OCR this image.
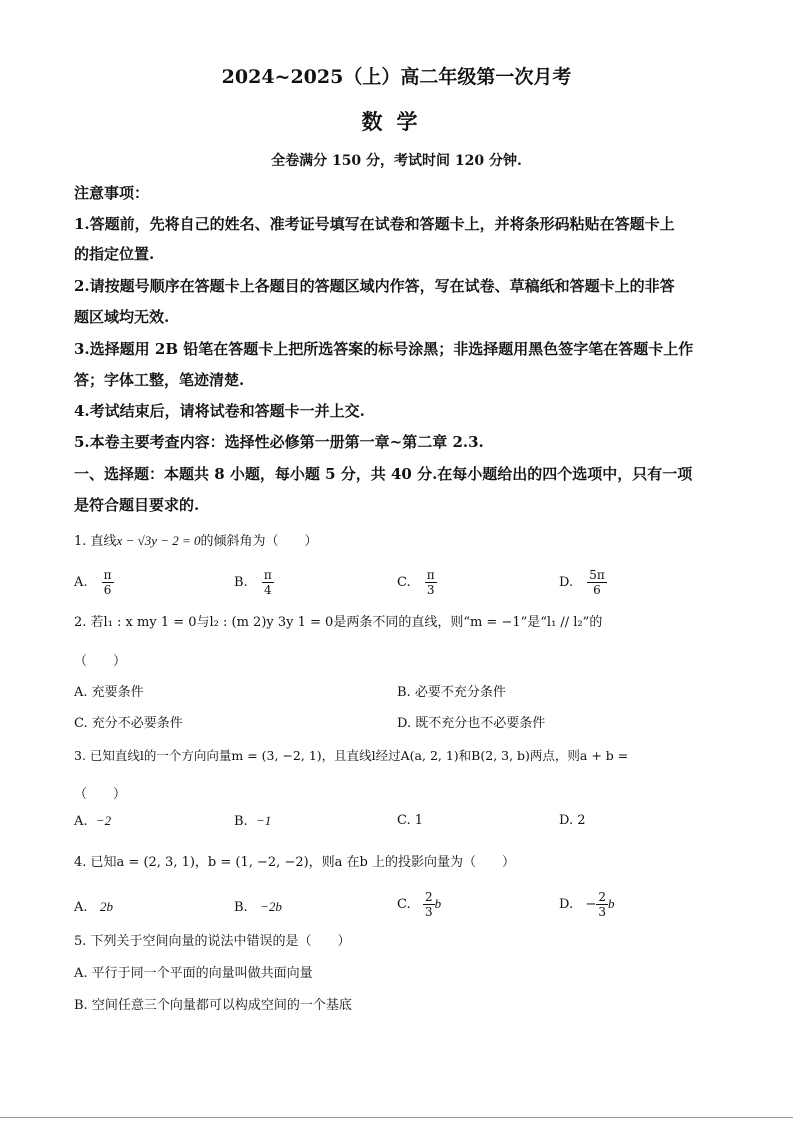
2024~2025（上）高二年级第一次月考
数学
全卷满分 150 分，考试时间 120 分钟.
注意事项：
1.答题前，先将自己的姓名、准考证号填写在试卷和答题卡上，并将条形码粘贴在答题卡上
的指定位置.
2.请按题号顺序在答题卡上各题目的答题区域内作答，写在试卷、草稿纸和答题卡上的非答
题区域均无效.
3.选择题用 2B 铅笔在答题卡上把所选答案的标号涂黑；非选择题用黑色签字笔在答题卡上作
答；字体工整，笔迹清楚.
4.考试结束后，请将试卷和答题卡一并上交.
5.本卷主要考查内容：选择性必修第一册第一章~第二章 2.3.
一、选择题：本题共 8 小题，每小题 5 分，共 40 分.在每小题给出的四个选项中，只有一项
是符合题目要求的.
1. 直线x − √3y − 2 = 0的倾斜角为（　　）
A. $\frac{\pi}{6}$	B. $\frac{\pi}{4}$	C. $\frac{\pi}{3}$	D. $\frac{5\pi}{6}$
2. 若l₁ : x my 1 = 0与l₂ : (m 2)y 3y 1 = 0是两条不同的直线，则“m = −1”是“l₁ // l₂”的
（　　）
A. 充要条件	B. 必要不充分条件
C. 充分不必要条件	D. 既不充分也不必要条件
3. 已知直线l的一个方向向量m = (3, −2, 1)，且直线l经过A(a, 2, 1)和B(2, 3, b)两点，则a + b =
（　　）
A. −2	B. −1	C. 1	D. 2
4. 已知a = (2, 3, 1)，b = (1, −2, −2)，则a 在b 上的投影向量为（　　）
A. 2b	B. −2b	C. $\frac{2}{3}$ b	D. − $\frac{2}{3}$ b
5. 下列关于空间向量的说法中错误的是（　　）
A. 平行于同一个平面的向量叫做共面向量
B. 空间任意三个向量都可以构成空间的一个基底
